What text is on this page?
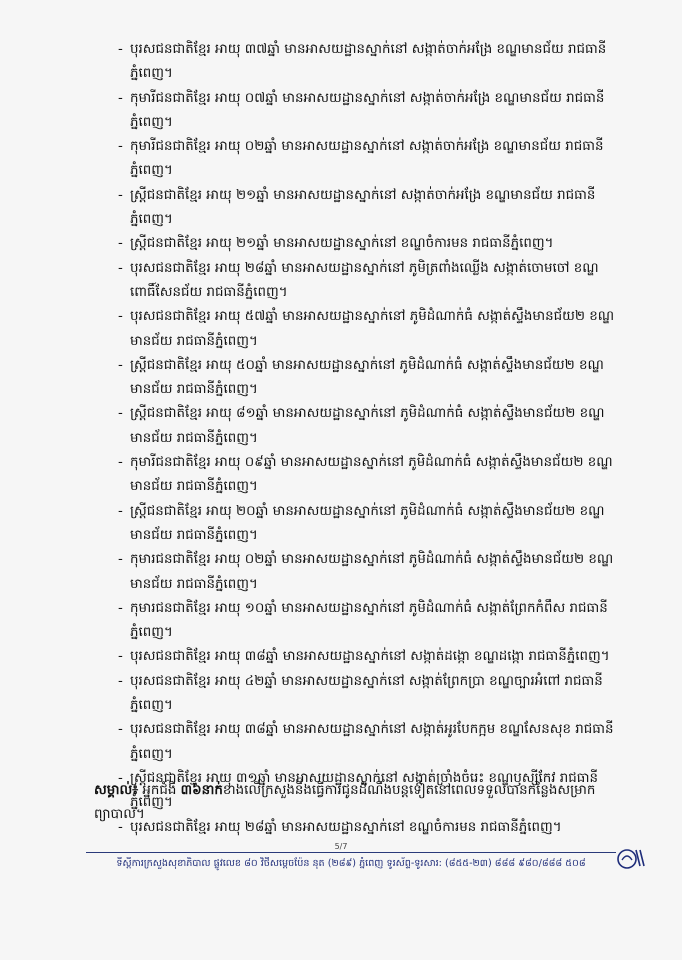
- បុរសជនជាតិខ្មែរ អាយុ ៣៧ឆ្នាំ មានអាសយដ្ឋានស្នាក់នៅ សង្កាត់ចាក់អង្រែ ខណ្ឌមានជ័យ រាជធានីភ្នំពេញ។
- កុមារីជនជាតិខ្មែរ អាយុ ០៧ឆ្នាំ មានអាសយដ្ឋានស្នាក់នៅ សង្កាត់ចាក់អង្រែ ខណ្ឌមានជ័យ រាជធានីភ្នំពេញ។
- កុមារីជនជាតិខ្មែរ អាយុ ០២ឆ្នាំ មានអាសយដ្ឋានស្នាក់នៅ សង្កាត់ចាក់អង្រែ ខណ្ឌមានជ័យ រាជធានីភ្នំពេញ។
- ស្ត្រីជនជាតិខ្មែរ អាយុ ២១ឆ្នាំ មានអាសយដ្ឋានស្នាក់នៅ សង្កាត់ចាក់អង្រែ ខណ្ឌមានជ័យ រាជធានីភ្នំពេញ។
- ស្ត្រីជនជាតិខ្មែរ អាយុ ២១ឆ្នាំ មានអាសយដ្ឋានស្នាក់នៅ ខណ្ឌចំការមន រាជធានីភ្នំពេញ។
- បុរសជនជាតិខ្មែរ អាយុ ២៨ឆ្នាំ មានអាសយដ្ឋានស្នាក់នៅ ភូមិត្រពាំងឈ្លើង សង្កាត់ចោមចៅ ខណ្ឌពោធិ៍សែនជ័យ រាជធានីភ្នំពេញ។
- បុរសជនជាតិខ្មែរ អាយុ ៥៧ឆ្នាំ មានអាសយដ្ឋានស្នាក់នៅ ភូមិដំណាក់ធំ សង្កាត់ស្ទឹងមានជ័យ២ ខណ្ឌមានជ័យ រាជធានីភ្នំពេញ។
- ស្ត្រីជនជាតិខ្មែរ អាយុ ៥០ឆ្នាំ មានអាសយដ្ឋានស្នាក់នៅ ភូមិដំណាក់ធំ សង្កាត់ស្ទឹងមានជ័យ២ ខណ្ឌមានជ័យ រាជធានីភ្នំពេញ។
- ស្ត្រីជនជាតិខ្មែរ អាយុ ៨១ឆ្នាំ មានអាសយដ្ឋានស្នាក់នៅ ភូមិដំណាក់ធំ សង្កាត់ស្ទឹងមានជ័យ២ ខណ្ឌមានជ័យ រាជធានីភ្នំពេញ។
- កុមារីជនជាតិខ្មែរ អាយុ ០៩ឆ្នាំ មានអាសយដ្ឋានស្នាក់នៅ ភូមិដំណាក់ធំ សង្កាត់ស្ទឹងមានជ័យ២ ខណ្ឌមានជ័យ រាជធានីភ្នំពេញ។
- ស្ត្រីជនជាតិខ្មែរ អាយុ ២០ឆ្នាំ មានអាសយដ្ឋានស្នាក់នៅ ភូមិដំណាក់ធំ សង្កាត់ស្ទឹងមានជ័យ២ ខណ្ឌមានជ័យ រាជធានីភ្នំពេញ។
- កុមារជនជាតិខ្មែរ អាយុ ០២ឆ្នាំ មានអាសយដ្ឋានស្នាក់នៅ ភូមិដំណាក់ធំ សង្កាត់ស្ទឹងមានជ័យ២ ខណ្ឌមានជ័យ រាជធានីភ្នំពេញ។
- កុមារជនជាតិខ្មែរ អាយុ ១០ឆ្នាំ មានអាសយដ្ឋានស្នាក់នៅ ភូមិដំណាក់ធំ សង្កាត់ព្រែកកំពឹស រាជធានីភ្នំពេញ។
- បុរសជនជាតិខ្មែរ អាយុ ៣៨ឆ្នាំ មានអាសយដ្ឋានស្នាក់នៅ សង្កាត់ដង្កោ ខណ្ឌដង្កោ រាជធានីភ្នំពេញ។
- បុរសជនជាតិខ្មែរ អាយុ ៤២ឆ្នាំ មានអាសយដ្ឋានស្នាក់នៅ សង្កាត់ព្រែកប្រា ខណ្ឌច្បារអំពៅ រាជធានីភ្នំពេញ។
- បុរសជនជាតិខ្មែរ អាយុ ៣៨ឆ្នាំ មានអាសយដ្ឋានស្នាក់នៅ សង្កាត់អូរបែកក្អម ខណ្ឌសែនសុខ រាជធានីភ្នំពេញ។
- ស្ត្រីជនជាតិខ្មែរ អាយុ ៣១ឆ្នាំ មានអាសយដ្ឋានស្នាក់នៅ សង្កាត់ច្រាំងចំរេះ ខណ្ឌឫស្សីកែវ រាជធានីភ្នំពេញ។
- បុរសជនជាតិខ្មែរ អាយុ ២៨ឆ្នាំ មានអាសយដ្ឋានស្នាក់នៅ ខណ្ឌចំការមន រាជធានីភ្នំពេញ។

សម្គាល់៖ អ្នកជំងឺ ៣៦នាក់ខាងលើក្រសួងនឹងធ្វើការជូនដំណឹងបន្តទៀតនៅពេលទទួលបានកន្លែងសម្រាកព្យាបាល។

5/7
ទីស្តីការក្រសួងសុខាភិបាល ផ្លូវលេខ ៨០ វិថីសម្តេចប៉ែន នុត (២៨៩) ភ្នំពេញ ទូរស័ព្ទ-ទូរសារ: (៨៥៥-២៣) ៨៨៨ ៩៨០/៨៨៨ ៥០៨
